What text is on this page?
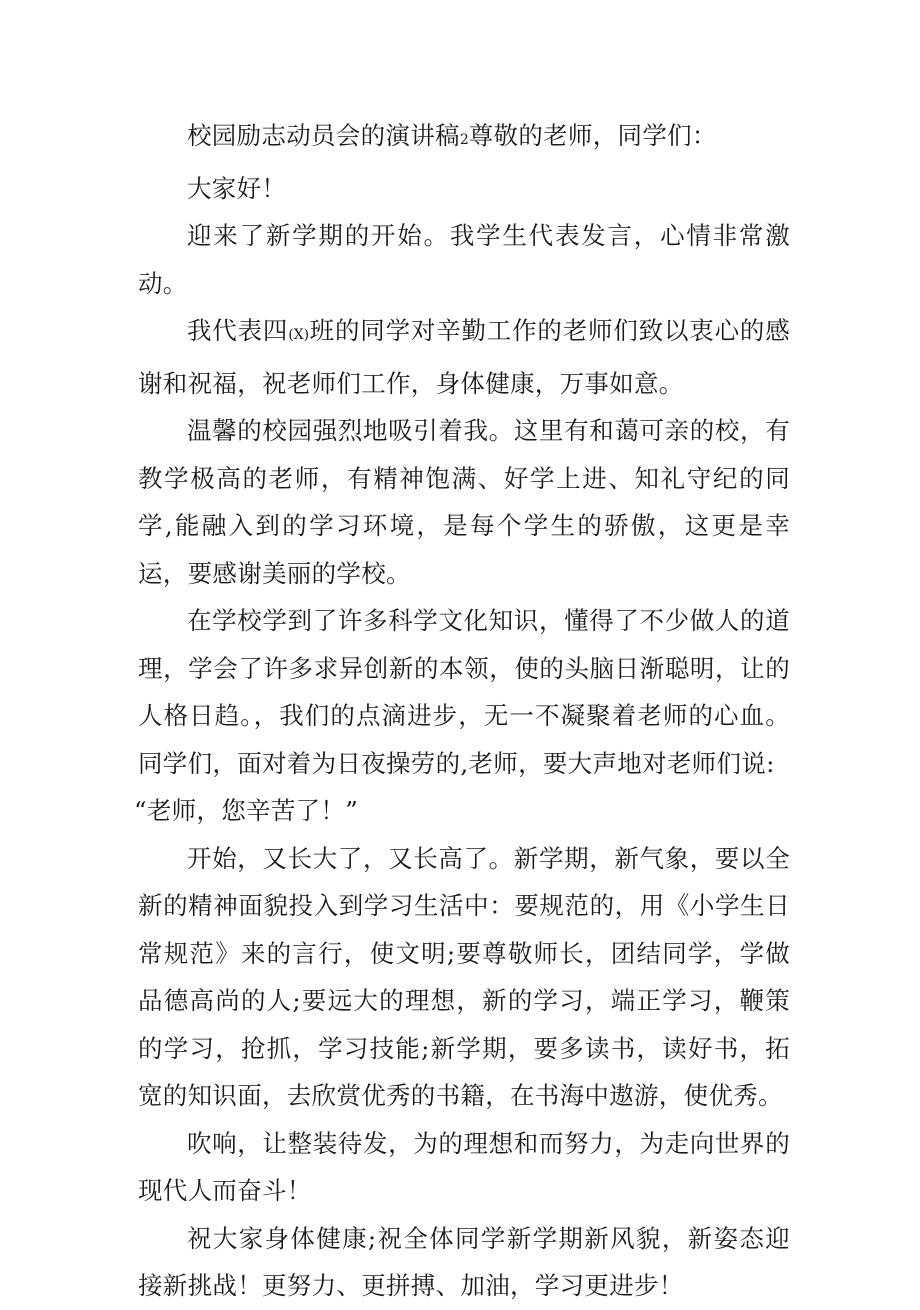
校园励志动员会的演讲稿2尊敬的老师，同学们：

大家好！

迎来了新学期的开始。我学生代表发言，心情非常激动。

我代表四(X)班的同学对辛勤工作的老师们致以衷心的感谢和祝福，祝老师们工作，身体健康，万事如意。

温馨的校园强烈地吸引着我。这里有和蔼可亲的校，有教学极高的老师，有精神饱满、好学上进、知礼守纪的同学,能融入到的学习环境，是每个学生的骄傲，这更是幸运，要感谢美丽的学校。

在学校学到了许多科学文化知识，懂得了不少做人的道理，学会了许多求异创新的本领，使的头脑日渐聪明，让的人格日趋。，我们的点滴进步，无一不凝聚着老师的心血。同学们，面对着为日夜操劳的,老师，要大声地对老师们说:

“老师，您辛苦了！”

开始，又长大了，又长高了。新学期，新气象，要以全新的精神面貌投入到学习生活中：要规范的，用《小学生日常规范》来的言行，使文明;要尊敬师长，团结同学，学做品德高尚的人;要远大的理想，新的学习，端正学习，鞭策的学习，抢抓，学习技能;新学期，要多读书，读好书，拓宽的知识面，去欣赏优秀的书籍，在书海中遨游，使优秀。

吹响，让整装待发，为的理想和而努力，为走向世界的现代人而奋斗！

祝大家身体健康;祝全体同学新学期新风貌，新姿态迎接新挑战！更努力、更拼搏、加油，学习更进步！
